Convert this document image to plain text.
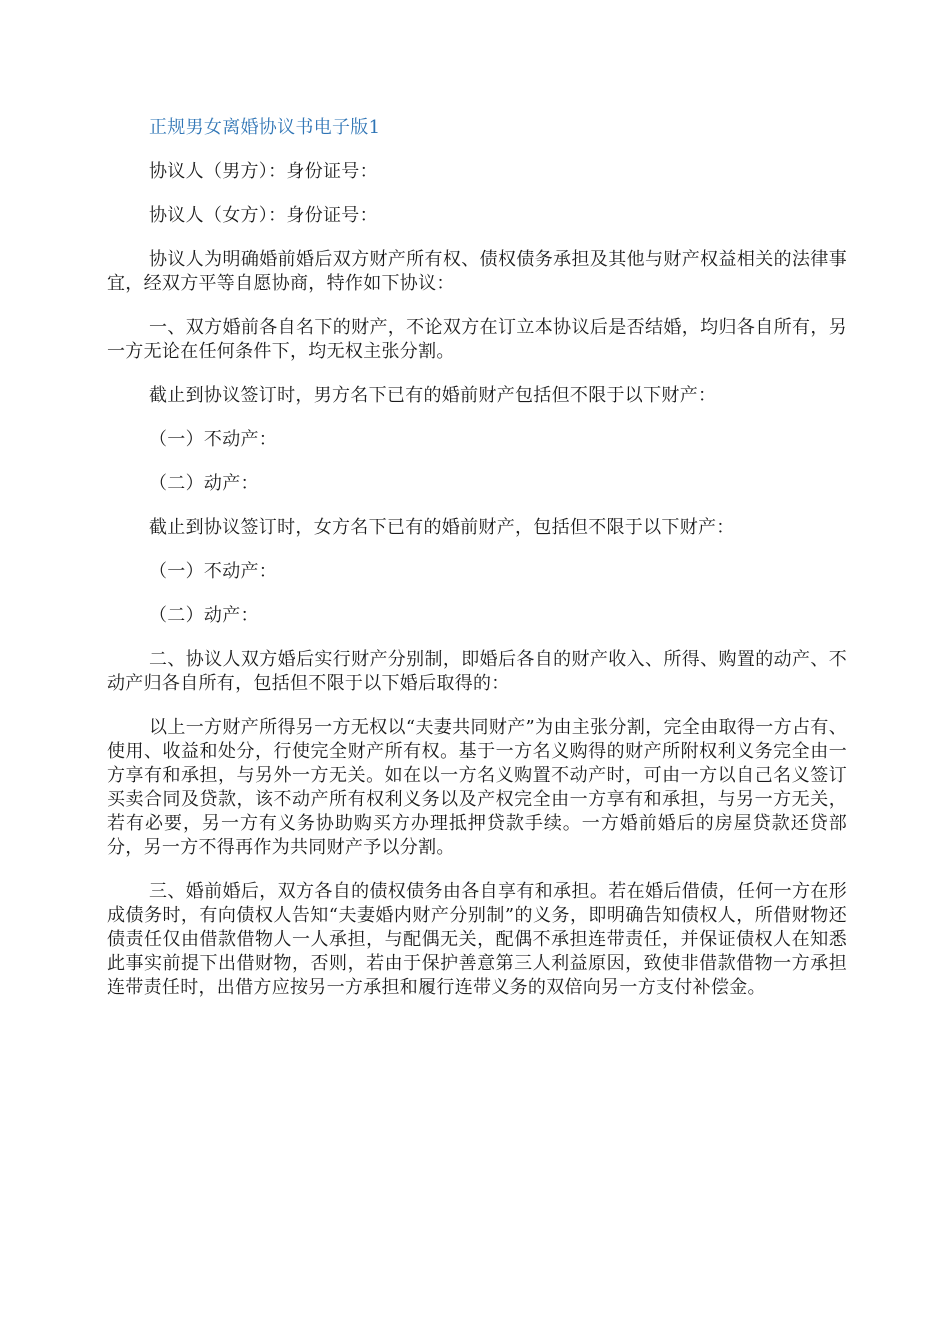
正规男女离婚协议书电子版1

协议人（男方）：身份证号：

协议人（女方）：身份证号：

协议人为明确婚前婚后双方财产所有权、债权债务承担及其他与财产权益相关的法律事宜，经双方平等自愿协商，特作如下协议：

一、双方婚前各自名下的财产，不论双方在订立本协议后是否结婚，均归各自所有，另一方无论在任何条件下，均无权主张分割。

截止到协议签订时，男方名下已有的婚前财产包括但不限于以下财产：

（一）不动产：

（二）动产：

截止到协议签订时，女方名下已有的婚前财产，包括但不限于以下财产：

（一）不动产：

（二）动产：

二、协议人双方婚后实行财产分别制，即婚后各自的财产收入、所得、购置的动产、不动产归各自所有，包括但不限于以下婚后取得的：

以上一方财产所得另一方无权以“夫妻共同财产”为由主张分割，完全由取得一方占有、使用、收益和处分，行使完全财产所有权。基于一方名义购得的财产所附权利义务完全由一方享有和承担，与另外一方无关。如在以一方名义购置不动产时，可由一方以自己名义签订买卖合同及贷款，该不动产所有权利义务以及产权完全由一方享有和承担，与另一方无关，若有必要，另一方有义务协助购买方办理抵押贷款手续。一方婚前婚后的房屋贷款还贷部分，另一方不得再作为共同财产予以分割。

三、婚前婚后，双方各自的债权债务由各自享有和承担。若在婚后借债，任何一方在形成债务时，有向债权人告知“夫妻婚内财产分别制”的义务，即明确告知债权人，所借财物还债责任仅由借款借物人一人承担，与配偶无关，配偶不承担连带责任，并保证债权人在知悉此事实前提下出借财物，否则，若由于保护善意第三人利益原因，致使非借款借物一方承担连带责任时，出借方应按另一方承担和履行连带义务的双倍向另一方支付补偿金。
